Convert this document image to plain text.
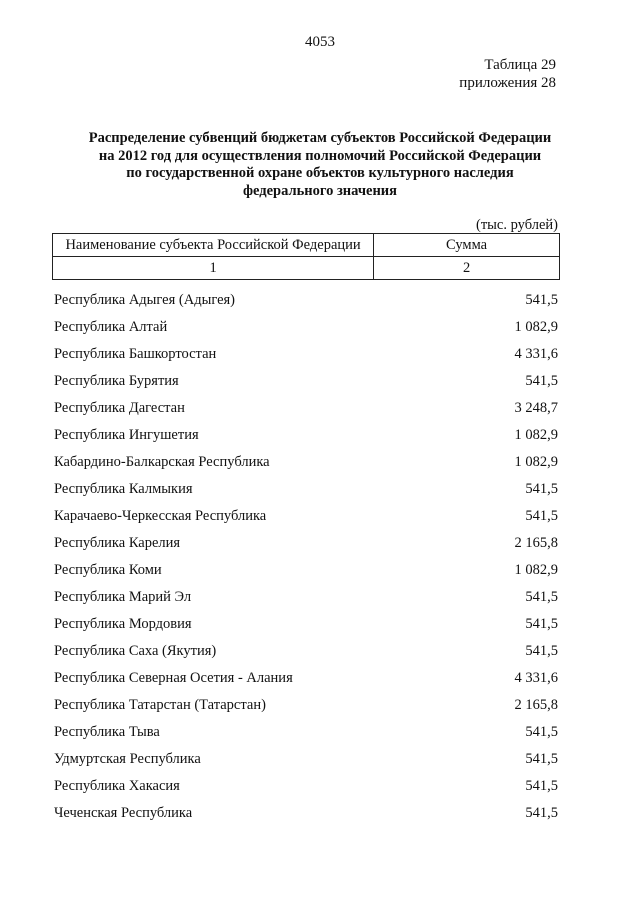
4053
Таблица 29
приложения 28
Распределение субвенций бюджетам субъектов Российской Федерации
на 2012 год для осуществления полномочий Российской Федерации
по государственной охране объектов культурного наследия
федерального значения
(тыс. рублей)
Наименование субъекта Российской Федерации	Сумма
1	2
Республика Адыгея (Адыгея)	541,5
Республика Алтай	1 082,9
Республика Башкортостан	4 331,6
Республика Бурятия	541,5
Республика Дагестан	3 248,7
Республика Ингушетия	1 082,9
Кабардино-Балкарская Республика	1 082,9
Республика Калмыкия	541,5
Карачаево-Черкесская Республика	541,5
Республика Карелия	2 165,8
Республика Коми	1 082,9
Республика Марий Эл	541,5
Республика Мордовия	541,5
Республика Саха (Якутия)	541,5
Республика Северная Осетия - Алания	4 331,6
Республика Татарстан (Татарстан)	2 165,8
Республика Тыва	541,5
Удмуртская Республика	541,5
Республика Хакасия	541,5
Чеченская Республика	541,5
